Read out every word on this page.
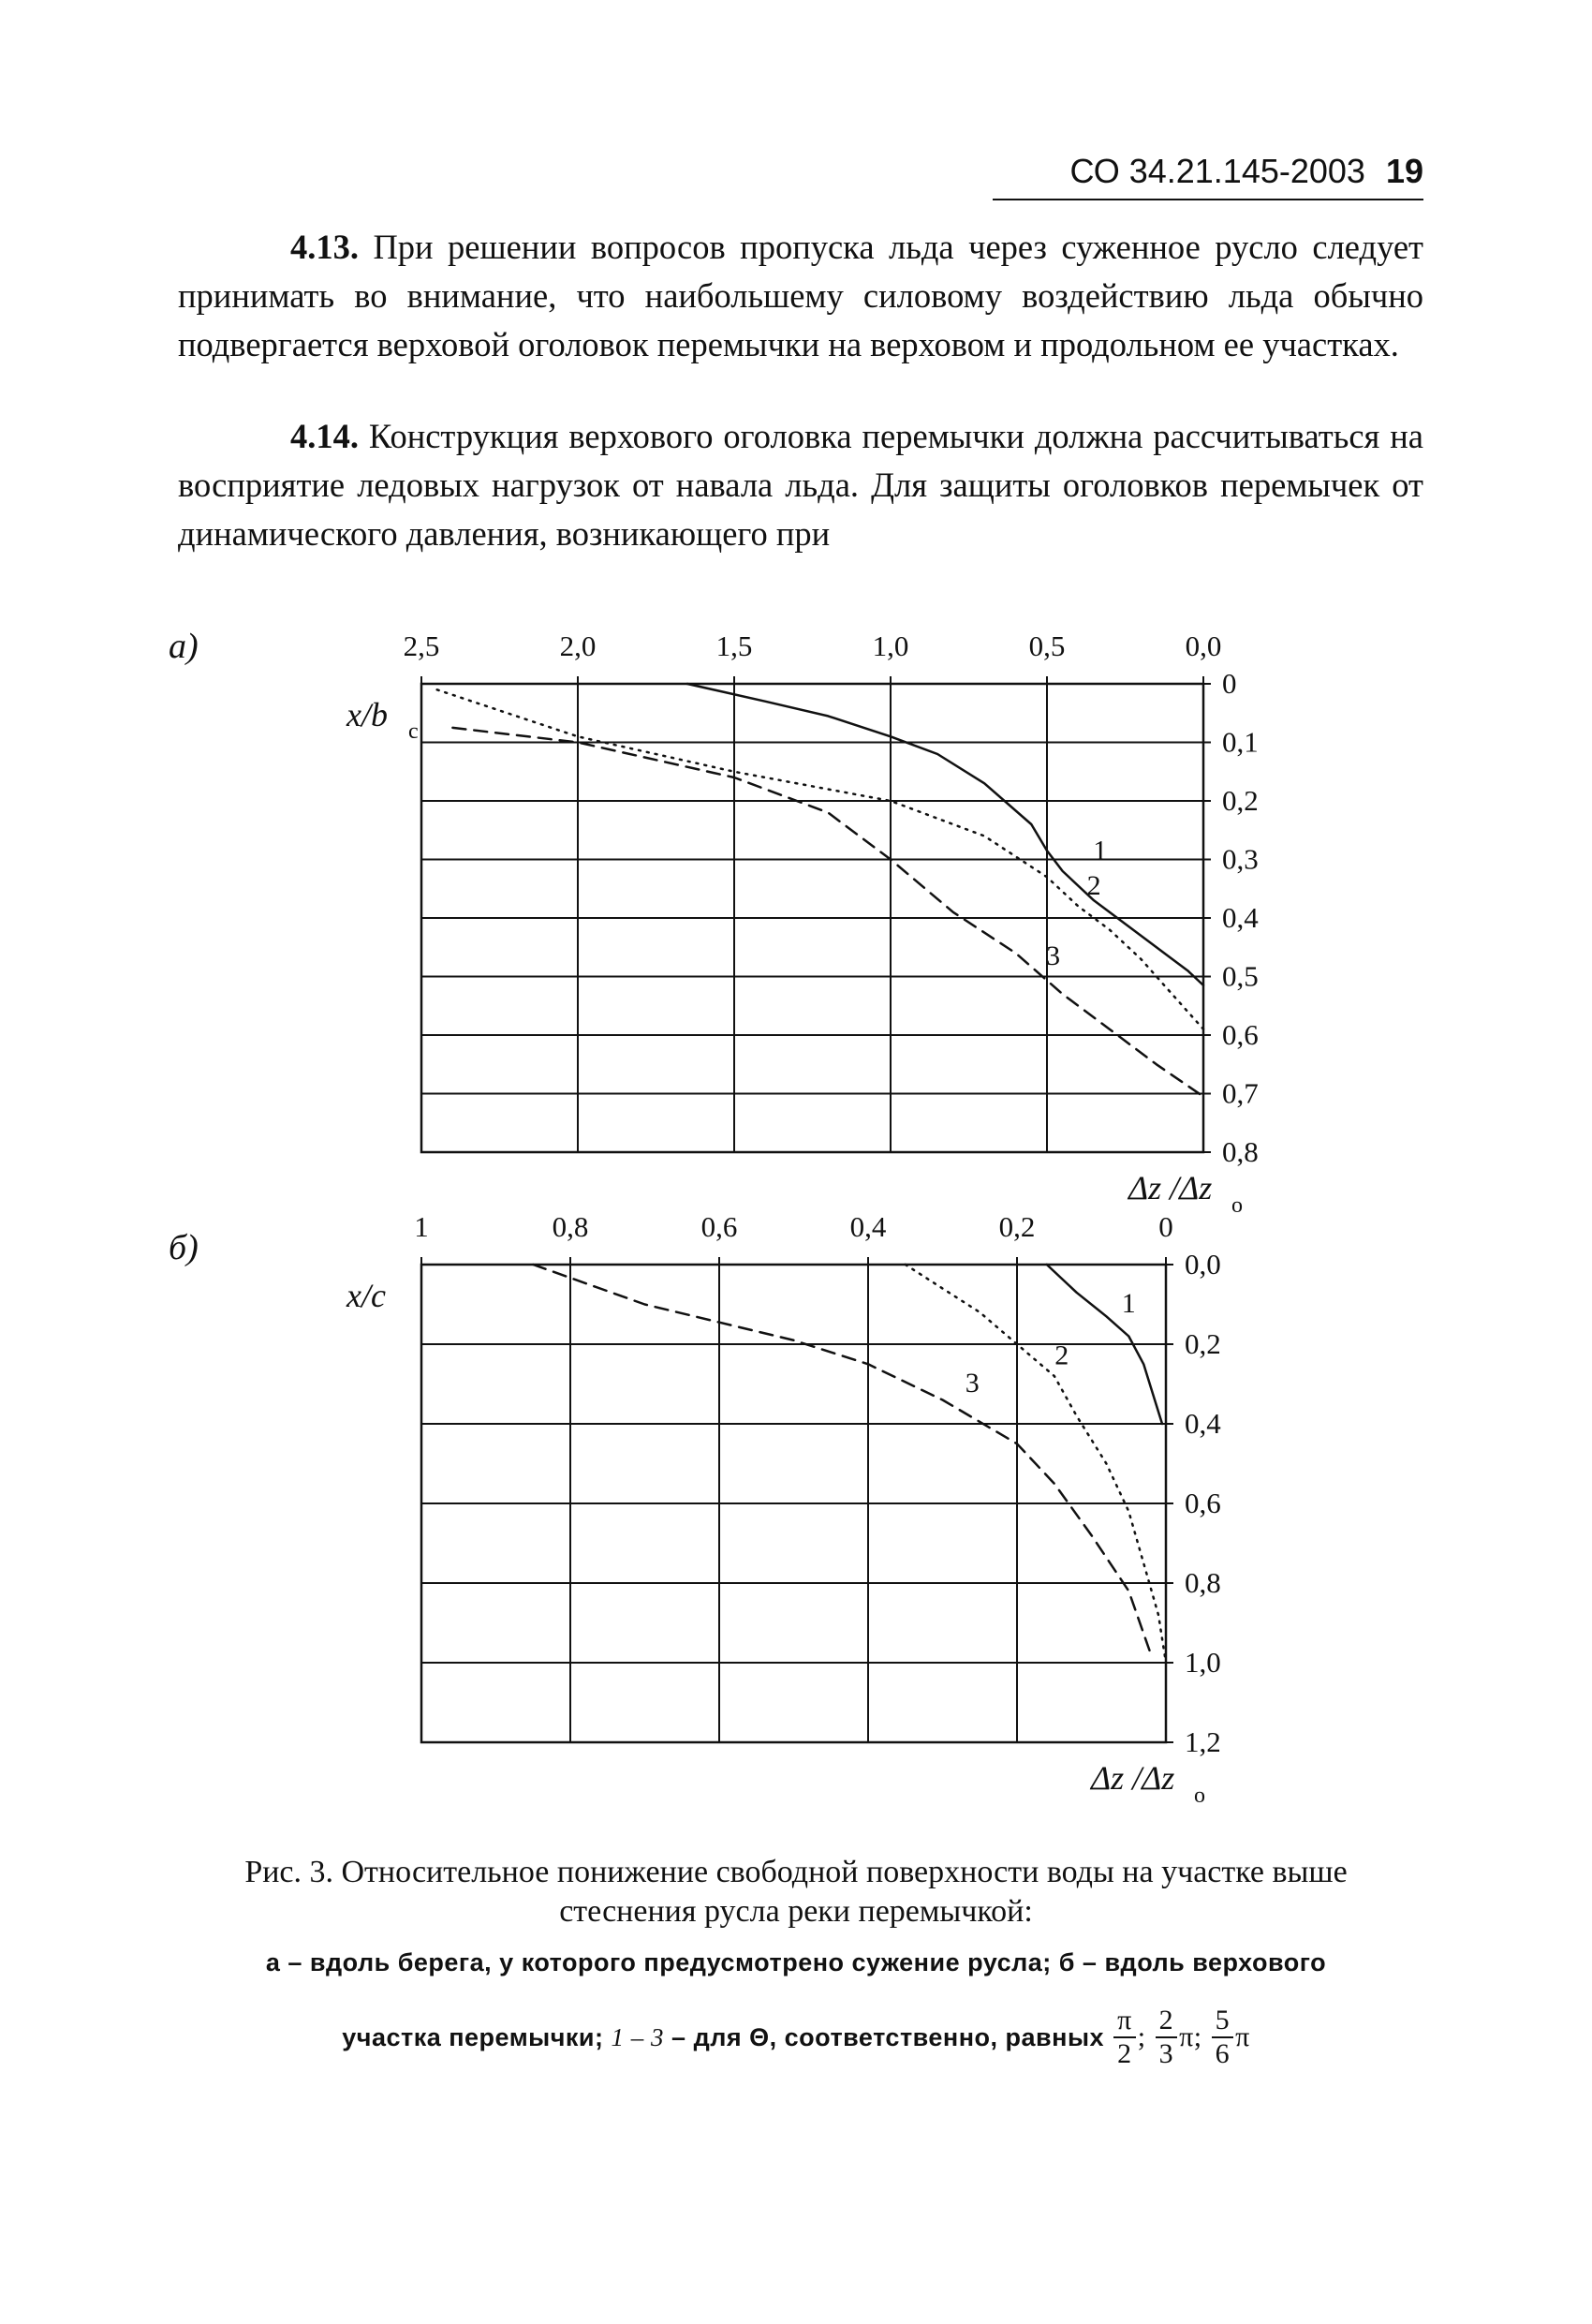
СО 34.21.145-2003 19

4.13. При решении вопросов пропуска льда через суженное русло следует принимать во внимание, что наибольшему силовому воздействию льда обычно подвергается верховой оголовок перемычки на верховом и продольном ее участках.

4.14. Конструкция верхового оголовка перемычки должна рассчитываться на восприятие ледовых нагрузок от навала льда. Для защиты оголовков перемычек от динамического давления, возникающего при

а)
б)
2,5	2,0	1,5	1,0	0,5	0,0
0
0,1
0,2
0,3
0,4
0,5
0,6
0,7
0,8
x/b с
Δz /Δz о
1
2
3
1	0,8	0,6	0,4	0,2	0
0,0
0,2
0,4
0,6
0,8
1,0
1,2
x/c
Δz /Δz о
1
2
3
Рис. 3. Относительное понижение свободной поверхности воды на участке выше
стеснения русла реки перемычкой:
а – вдоль берега, у которого предусмотрено сужение русла; б – вдоль верхового
участка перемычки;
1 – 3
– для Θ, соответственно, равных
$\frac{\pi}{2}$ ;
$\frac{2}{3} \pi$;
$\frac{5}{6}$ π
